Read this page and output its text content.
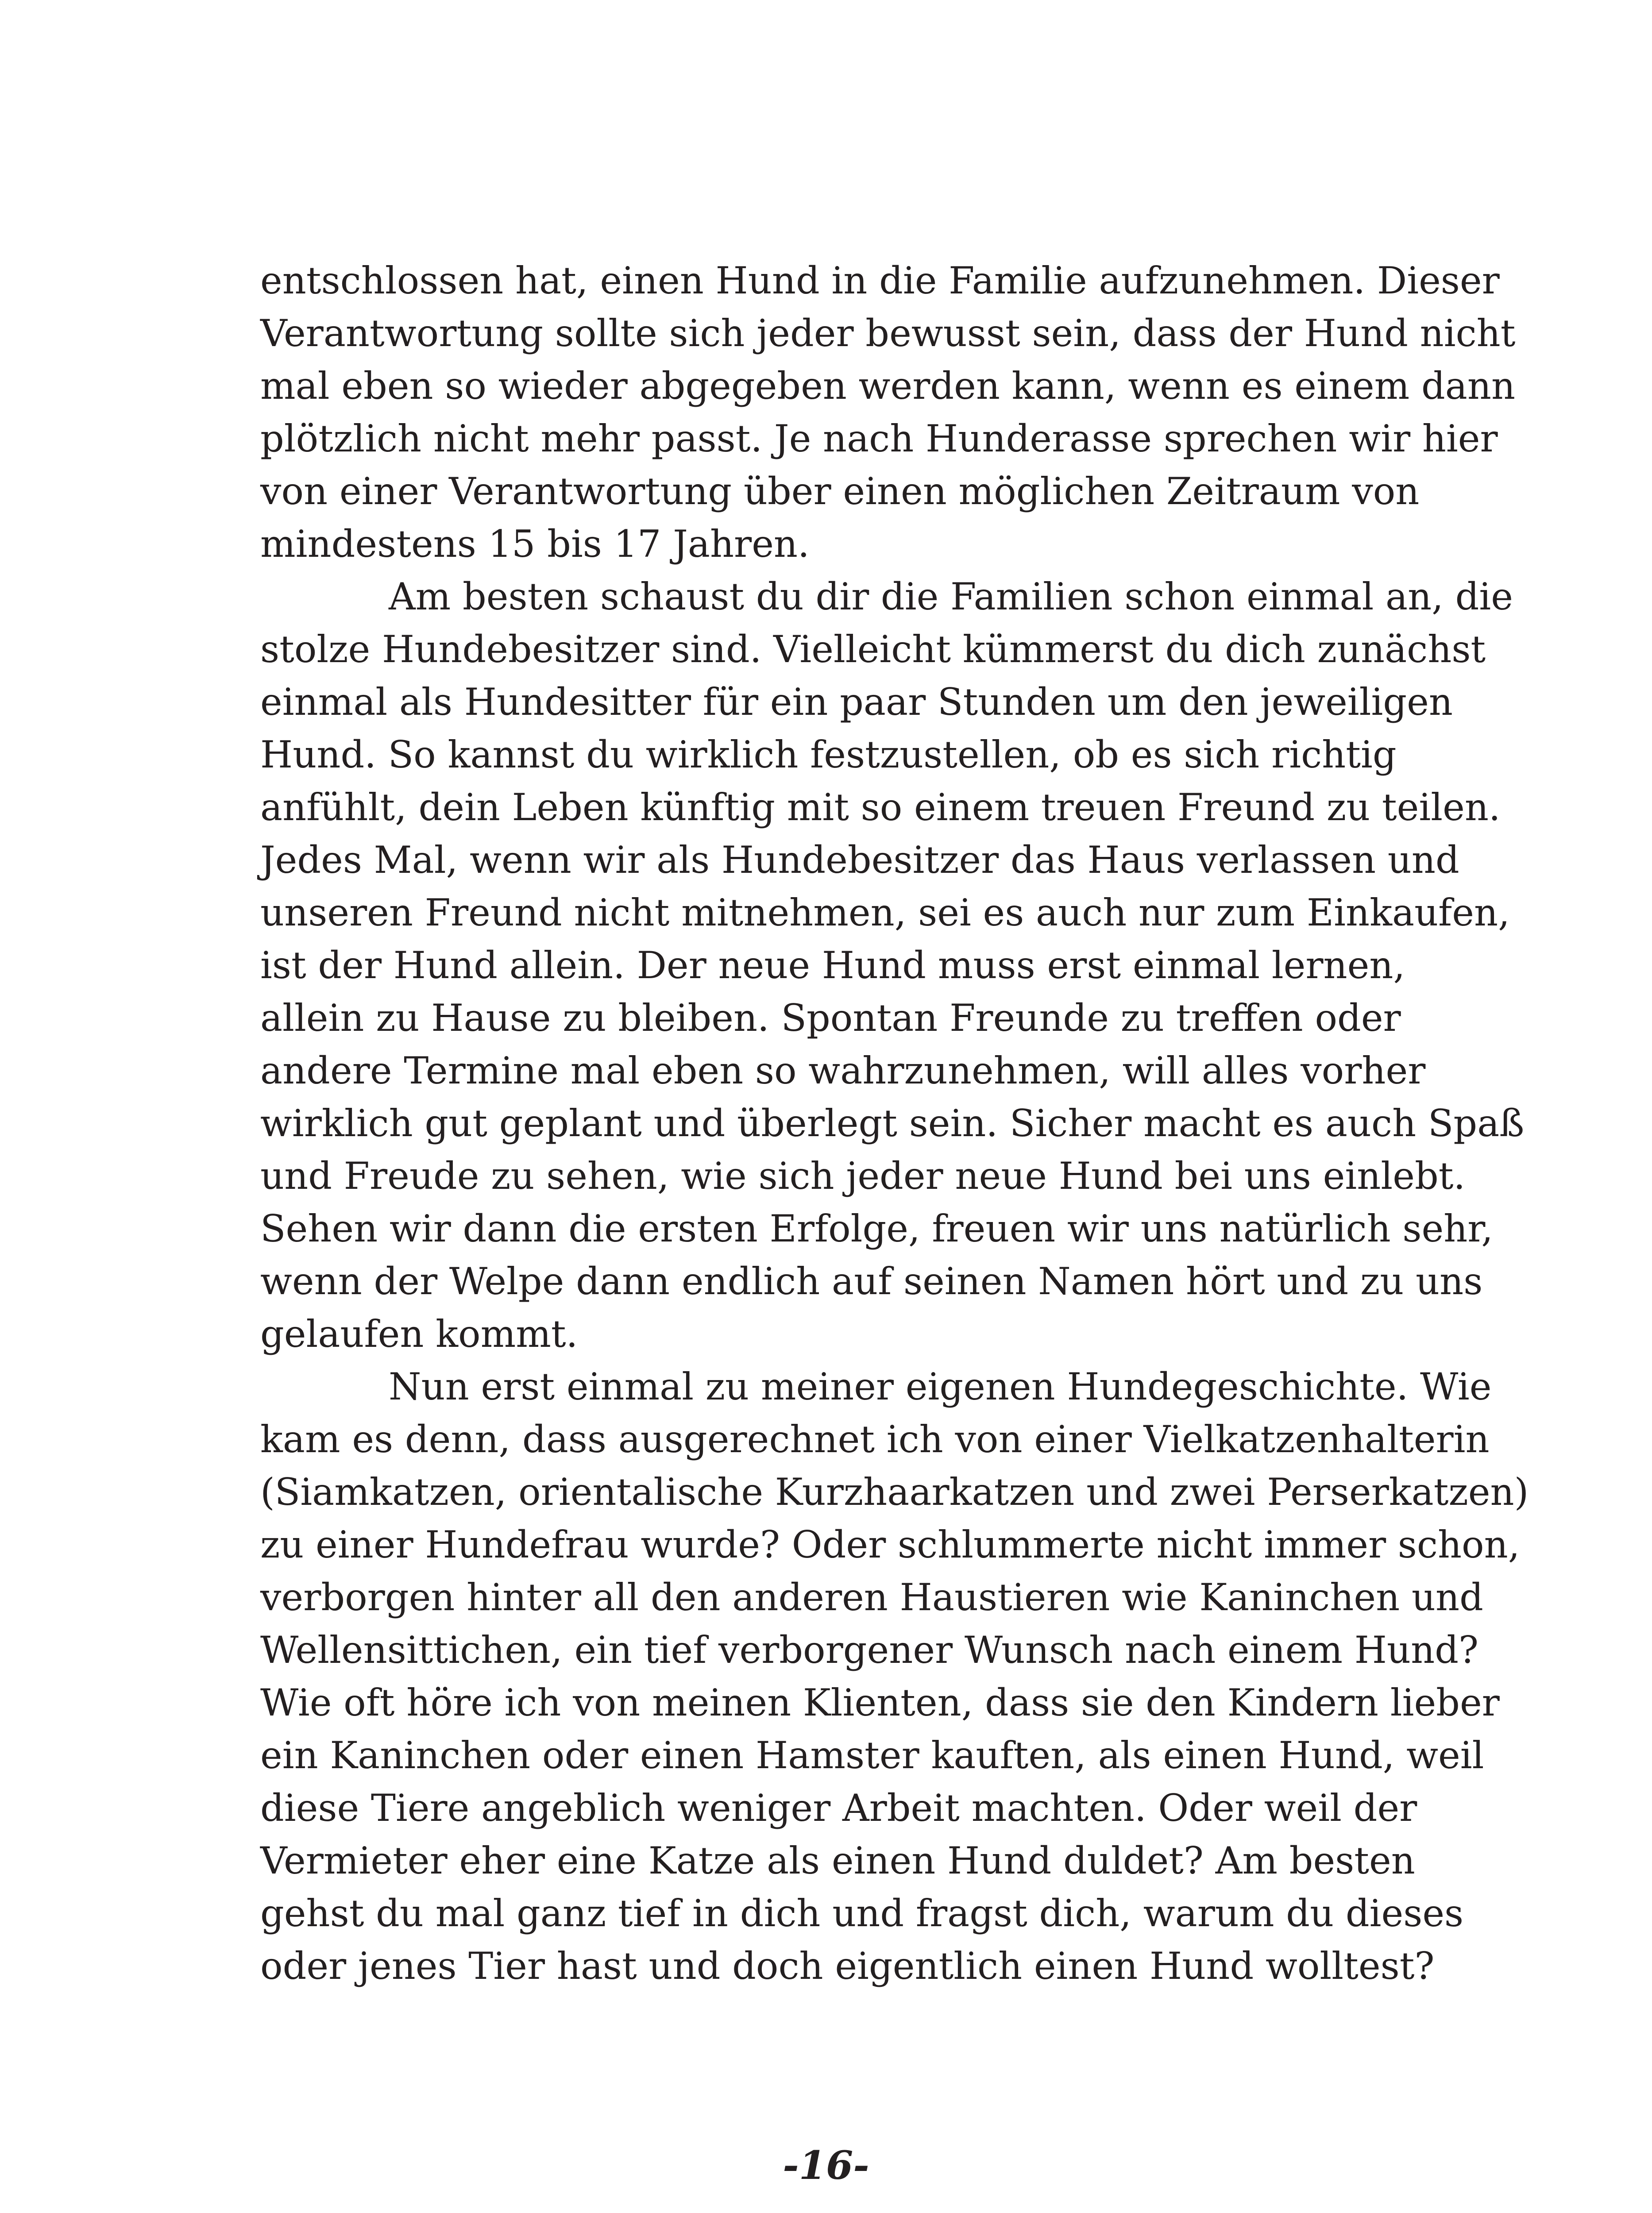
entschlossen hat, einen Hund in die Familie aufzunehmen. Dieser
Verantwortung sollte sich jeder bewusst sein, dass der Hund nicht
mal eben so wieder abgegeben werden kann, wenn es einem dann
plötzlich nicht mehr passt. Je nach Hunderasse sprechen wir hier
von einer Verantwortung über einen möglichen Zeitraum von
mindestens 15 bis 17 Jahren.
Am besten schaust du dir die Familien schon einmal an, die
stolze Hundebesitzer sind. Vielleicht kümmerst du dich zunächst
einmal als Hundesitter für ein paar Stunden um den jeweiligen
Hund. So kannst du wirklich festzustellen, ob es sich richtig
anfühlt, dein Leben künftig mit so einem treuen Freund zu teilen.
Jedes Mal, wenn wir als Hundebesitzer das Haus verlassen und
unseren Freund nicht mitnehmen, sei es auch nur zum Einkaufen,
ist der Hund allein. Der neue Hund muss erst einmal lernen,
allein zu Hause zu bleiben. Spontan Freunde zu treffen oder
andere Termine mal eben so wahrzunehmen, will alles vorher
wirklich gut geplant und überlegt sein. Sicher macht es auch Spaß
und Freude zu sehen, wie sich jeder neue Hund bei uns einlebt.
Sehen wir dann die ersten Erfolge, freuen wir uns natürlich sehr,
wenn der Welpe dann endlich auf seinen Namen hört und zu uns
gelaufen kommt.
Nun erst einmal zu meiner eigenen Hundegeschichte. Wie
kam es denn, dass ausgerechnet ich von einer Vielkatzenhalterin
(Siamkatzen, orientalische Kurzhaarkatzen und zwei Perserkatzen)
zu einer Hundefrau wurde? Oder schlummerte nicht immer schon,
verborgen hinter all den anderen Haustieren wie Kaninchen und
Wellensittichen, ein tief verborgener Wunsch nach einem Hund?
Wie oft höre ich von meinen Klienten, dass sie den Kindern lieber
ein Kaninchen oder einen Hamster kauften, als einen Hund, weil
diese Tiere angeblich weniger Arbeit machten. Oder weil der
Vermieter eher eine Katze als einen Hund duldet? Am besten
gehst du mal ganz tief in dich und fragst dich, warum du dieses
oder jenes Tier hast und doch eigentlich einen Hund wolltest?
-16-
